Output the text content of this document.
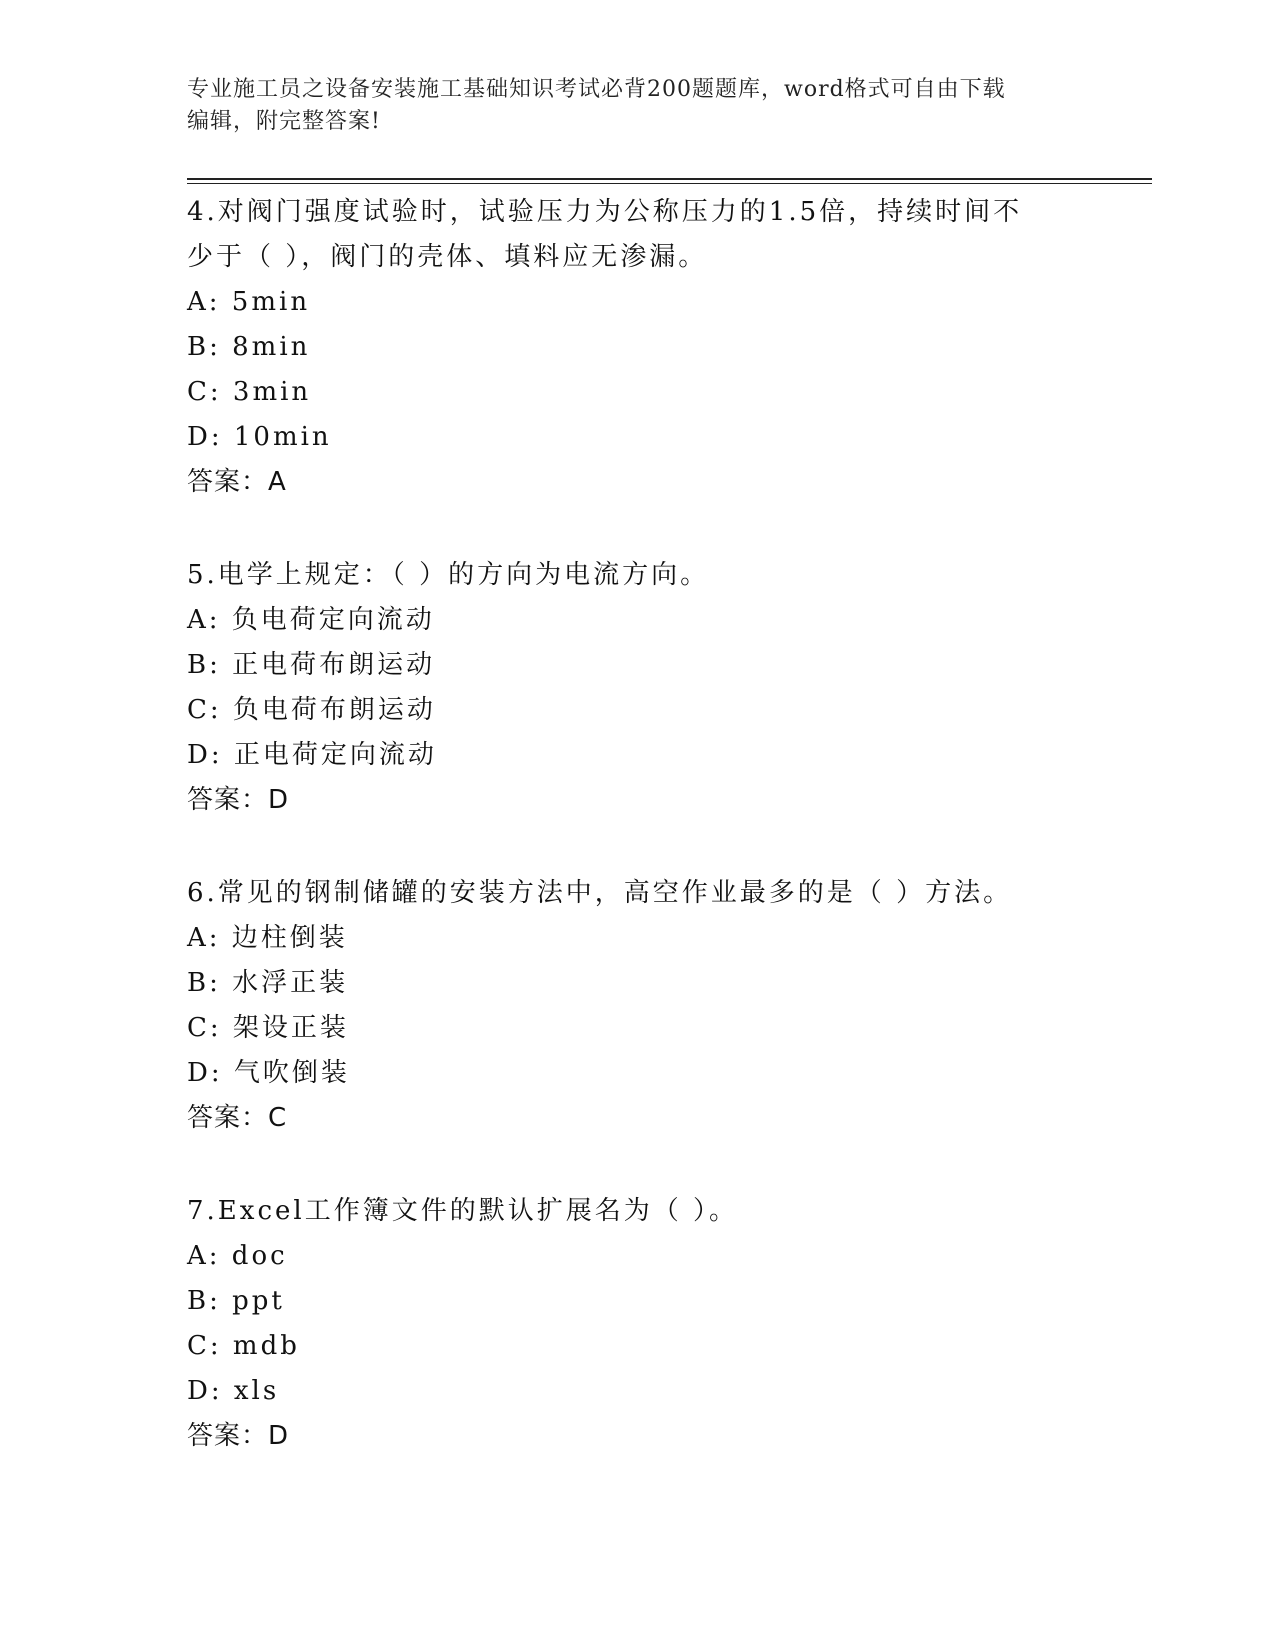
专业施工员之设备安装施工基础知识考试必背200题题库，word格式可自由下载
编辑，附完整答案!
4.对阀门强度试验时，试验压力为公称压力的1.5倍，持续时间不少于（ ），阀门的壳体、填料应无渗漏。
A: 5min
B: 8min
C: 3min
D: 10min
答案：A
5.电学上规定：（ ）的方向为电流方向。
A: 负电荷定向流动
B: 正电荷布朗运动
C: 负电荷布朗运动
D: 正电荷定向流动
答案：D
6.常见的钢制储罐的安装方法中，高空作业最多的是（ ）方法。
A: 边柱倒装
B: 水浮正装
C: 架设正装
D: 气吹倒装
答案：C
7.Excel工作簿文件的默认扩展名为（ ）。
A: doc
B: ppt
C: mdb
D: xls
答案：D
